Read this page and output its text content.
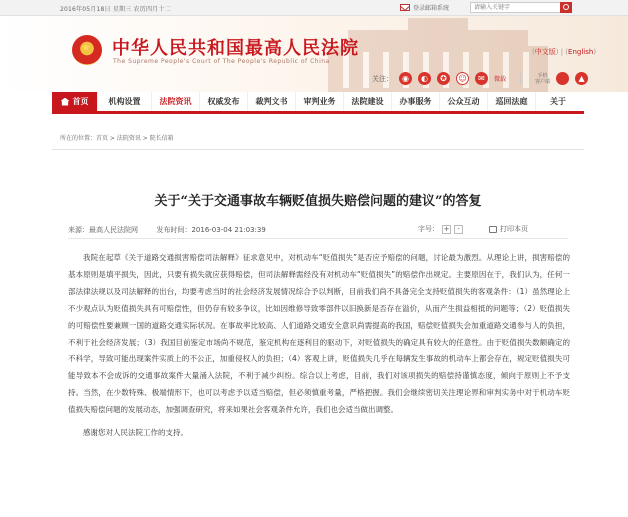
2016年05月18日 星期三 农历四月十二	登录邮箱系统
请输入关键字
★
中华人民共和国最高人民法院
The Supreme People's Court of The People's Republic of China
(中文版) | (English)
关注：	◉	◐	✪	☺	✉	微载
手机
客户端	▲
首页	机构设置	法院资讯	权威发布	裁判文书	审判业务	法院建设	办事服务	公众互动	巡回法庭	关于
所在的位置：首页 > 法院资讯 > 院长信箱
关于“关于交通事故车辆贬值损失赔偿问题的建议”的答复
来源：最高人民法院网	发布时间：2016-03-04 21:03:39	字号： +	-	打印本页

我院在起草《关于道路交通损害赔偿司法解释》征求意见中，对机动车“贬值损失”是否应予赔偿的问题，讨论最为激烈。从理论上讲，损害赔偿的基本原则是填平损失，因此，只要有损失就应获得赔偿，但司法解释需经没有对机动车“贬值损失”的赔偿作出规定。主要原因在于，我们认为，任何一部法律法规以及司法解释的出台，均要考虑当时的社会经济发展情况综合予以判断，目前我们尚不具备完全支持贬值损失的客观条件：（1）虽然理论上不少观点认为贬值损失具有可赔偿性，但仍存有较多争议，比如因维修导致零部件以旧换新是否存在溢价，从而产生损益相抵的问题等；（2）贬值损失的可赔偿性要兼顾一国的道路交通实际状况。在事故率比较高、人们道路交通安全意识尚需提高的我国，赔偿贬值损失会加重道路交通参与人的负担，不利于社会经济发展；（3）我国目前鉴定市场尚不规范，鉴定机构在逐利目的驱动下，对贬值损失的确定具有较大的任意性。由于贬值损失数额确定的不科学，导致可能出现案件实质上的不公正，加重侵权人的负担；（4）客观上讲，贬值损失几乎在每辆发生事故的机动车上都会存在，规定贬值损失可能导致本不会成诉的交通事故案件大量涌入法院，不利于减少纠纷。综合以上考虑，目前，我们对该项损失的赔偿持谨慎态度，倾向于原则上不予支持。当然，在少数特殊、极端情形下，也可以考虑予以适当赔偿，但必须慎重考量，严格把握。我们会继续密切关注理论界和审判实务中对于机动车贬值损失赔偿问题的发展动态，加强调查研究，将来如果社会客观条件允许，我们也会适当做出调整。

感谢您对人民法院工作的支持。
